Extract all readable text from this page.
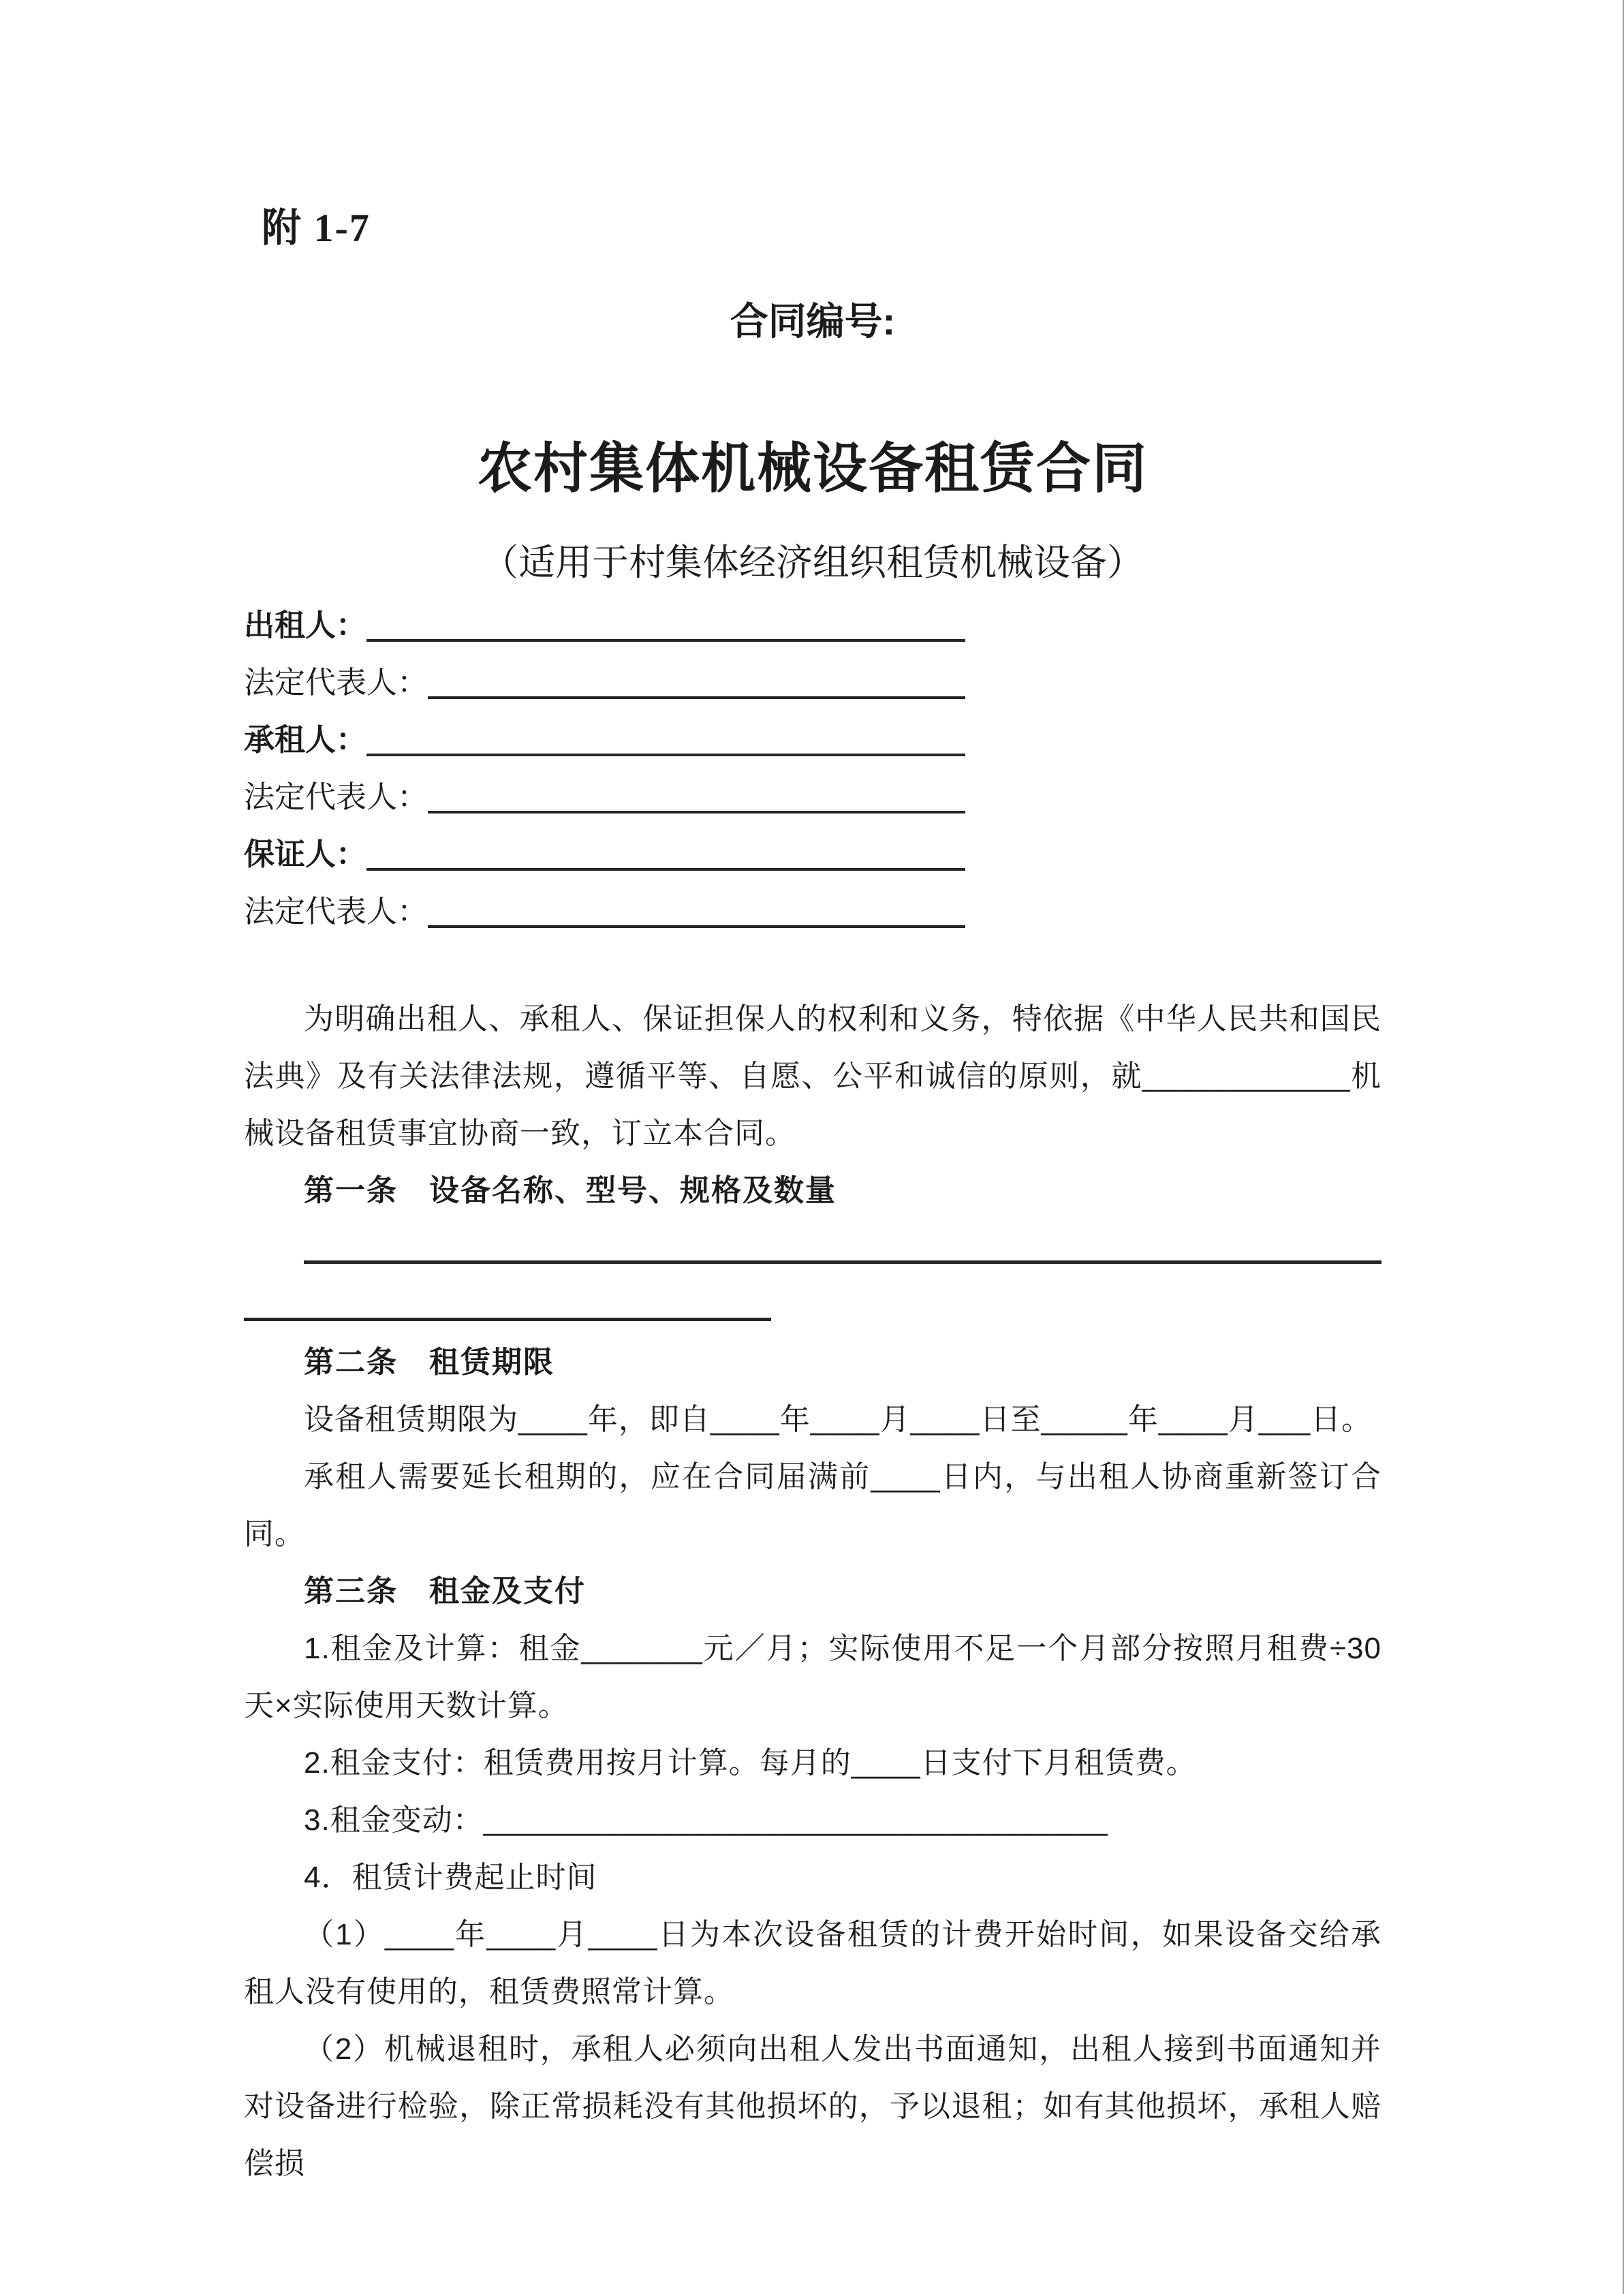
附 1-7
合同编号:
农村集体机械设备租赁合同
（适用于村集体经济组织租赁机械设备）
出租人：
法定代表人：
承租人：
法定代表人：
保证人：
法定代表人：

为明确出租人、承租人、保证担保人的权利和义务，特依据《中华人民共和国民法典》及有关法律法规，遵循平等、自愿、公平和诚信的原则，就____________机械设备租赁事宜协商一致，订立本合同。

第一条　设备名称、型号、规格及数量
第二条　租赁期限

设备租赁期限为____年，即自____年____月____日至_____年____月___日。

承租人需要延长租期的，应在合同届满前____日内，与出租人协商重新签订合同。

第三条　租金及支付

1.租金及计算：租金_______元／月；实际使用不足一个月部分按照月租费÷30 天×实际使用天数计算。

2.租金支付：租赁费用按月计算。每月的____日支付下月租赁费。

3.租金变动：____________________________________

4．租赁计费起止时间

（1）____年____月____日为本次设备租赁的计费开始时间，如果设备交给承租人没有使用的，租赁费照常计算。

（2）机械退租时，承租人必须向出租人发出书面通知，出租人接到书面通知并对设备进行检验，除正常损耗没有其他损坏的，予以退租；如有其他损坏，承租人赔偿损
